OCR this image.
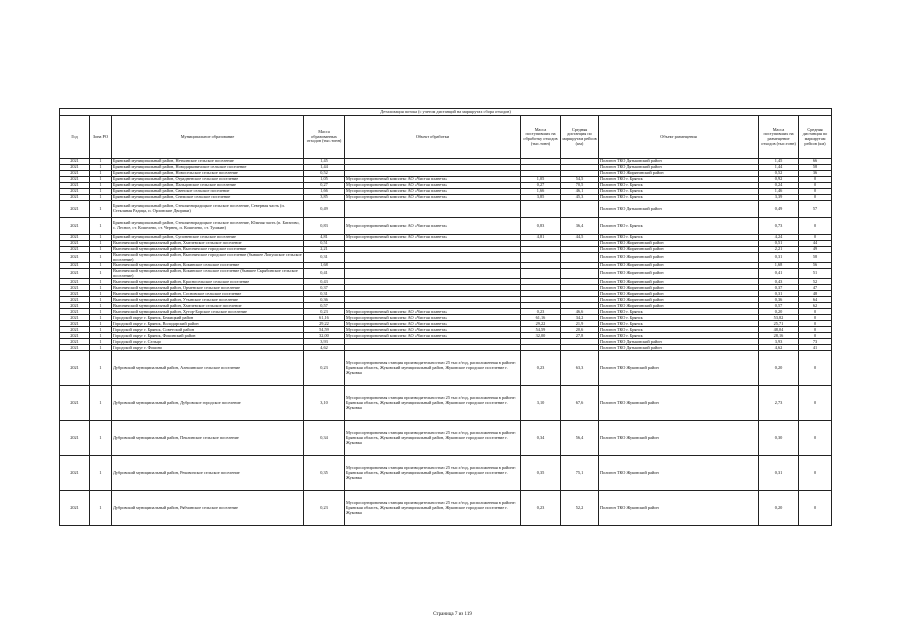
Детализация потока (с учетом дистанций на маршрутах сбора отходов)									
Год	Зона РО	Муниципальное образование	Масса образованных отходов (тыс.тонн)	Объект обработки	Масса поступивших на обработку отходов (тыс.тонн)	Средняя дистанция по маршрутам рейсов (км)	Объект размещения	Масса поступивших на размещение отходов (тыс.тонн)	Средняя дистанция по маршрутам рейсов (км)
2021	1	Брянский муниципальный район, Нетьинское сельское поселение	1,45				Полигон ТКО Дятьковский район	1,45	66
2021	1	Брянский муниципальный район, Новодарковичское сельское поселение	1,44				Полигон ТКО Дятьковский район	1,44	58
2021	1	Брянский муниципальный район, Новосельское сельское поселение	0,52				Полигон ТКО Жирятинский район	0,52	36
2021	1	Брянский муниципальный район, Отрадненское сельское поселение	1,05	Мусоросортировочный комплекс АО «Чистая планета»	1,05	54,5	Полигон ТКО г. Брянск	0,92	0
2021	1	Брянский муниципальный район, Пальцовское сельское поселение	0,27	Мусоросортировочный комплекс АО «Чистая планета»	0,27	70,5	Полигон ТКО г. Брянск	0,24	0
2021	1	Брянский муниципальный район, Свенское сельское поселение	1,66	Мусоросортировочный комплекс АО «Чистая планета»	1,66	46,1	Полигон ТКО г. Брянск	1,46	0
2021	1	Брянский муниципальный район, Снежское сельское поселение	3,85	Мусоросортировочный комплекс АО «Чистая планета»	3,85	45,3	Полигон ТКО г. Брянск	3,39	0
2021	1	Брянский муниципальный район, Стекляннорадицкое сельское поселение, Северная часть (п. Стекляная Радица, п. Орловские Дворики)	0,49				Полигон ТКО Дятьковский район	0,49	57
2021	1	Брянский муниципальный район, Стекляннорадицкое сельское поселение, Южная часть (п. Батагово, с. Лесное, ст. Кошелево, ст. Чернец, п. Кошелево, ст. Тушкин)	0,83	Мусоросортировочный комплекс АО «Чистая планета»	0,83	36,4	Полигон ТКО г. Брянск	0,73	0
2021	1	Брянский муниципальный район, Супоневское сельское поселение	4,81	Мусоросортировочный комплекс АО «Чистая планета»	4,81	44,5	Полигон ТКО г. Брянск	4,24	0
2021	1	Выгоничский муниципальный район, Хмелевское сельское поселение	0,51				Полигон ТКО Жирятинский район	0,51	44
2021	1	Выгоничский муниципальный район, Выгоничское городское поселение	2,21				Полигон ТКО Жирятинский район	2,21	49
2021	1	Выгоничский муниципальный район, Выгоничское городское поселение (бывшее Лопушское сельское поселение)	0,31				Полигон ТКО Жирятинский район	0,31	58
2021	1	Выгоничский муниципальный район, Кокинское сельское поселение	1,68				Полигон ТКО Жирятинский район	1,68	56
2021	1	Выгоничский муниципальный район, Кокинское сельское поселение (бывшее Скрябинское сельское поселение)	0,41				Полигон ТКО Жирятинский район	0,41	51
2021	1	Выгоничский муниципальный район, Красносельское сельское поселение	0,43				Полигон ТКО Жирятинский район	0,43	52
2021	1	Выгоничский муниципальный район, Орменское сельское поселение	0,37				Полигон ТКО Жирятинский район	0,37	47
2021	1	Выгоничский муниципальный район, Сосновское сельское поселение	0,31				Полигон ТКО Жирятинский район	0,31	48
2021	1	Выгоничский муниципальный район, Утынское сельское поселение	0,36				Полигон ТКО Жирятинский район	0,36	64
2021	1	Выгоничский муниципальный район, Хмелевское сельское поселение	0,57				Полигон ТКО Жирятинский район	0,57	62
2021	1	Выгоничский муниципальный район, Хутор-Борское сельское поселение	0,23	Мусоросортировочный комплекс АО «Чистая планета»	0,23	46,6	Полигон ТКО г. Брянск	0,20	0
2021	1	Городской округ г. Брянск, Бежицкий район	61,16	Мусоросортировочный комплекс АО «Чистая планета»	61,16	34,2	Полигон ТКО г. Брянск	53,82	0
2021	1	Городской округ г. Брянск, Володарский район	29,22	Мусоросортировочный комплекс АО «Чистая планета»	29,22	21,9	Полигон ТКО г. Брянск	25,71	0
2021	1	Городской округ г. Брянск, Советский район	54,59	Мусоросортировочный комплекс АО «Чистая планета»	54,59	20,6	Полигон ТКО г. Брянск	48,04	0
2021	1	Городской округ г. Брянск, Фокинский район	32,00	Мусоросортировочный комплекс АО «Чистая планета»	32,00	27,8	Полигон ТКО г. Брянск	28,16	0
2021	1	Городской округ г. Сельцо	3,93				Полигон ТКО Дятьковский район	3,93	73
2021	1	Городской округ г. Фокино	4,62				Полигон ТКО Дятьковский район	4,62	41
2021	1	Дубровский муниципальный район, Алешинское сельское поселение	0,23	Мусоросортировочная станция производительностью 25 тыс.т/год, расположенная в районе: Брянская область, Жуковский муниципальный район, Жуковское городское поселение г. Жуковка	0,23	63,3	Полигон ТКО Жуковский район	0,20	0
2021	1	Дубровский муниципальный район, Дубровское городское поселение	3,10	Мусоросортировочная станция производительностью 25 тыс.т/год, расположенная в районе: Брянская область, Жуковский муниципальный район, Жуковское городское поселение г. Жуковка	3,10	67,6	Полигон ТКО Жуковский район	2,73	0
2021	1	Дубровский муниципальный район, Пеклинское сельское поселение	0,34	Мусоросортировочная станция производительностью 25 тыс.т/год, расположенная в районе: Брянская область, Жуковский муниципальный район, Жуковское городское поселение г. Жуковка	0,34	56,4	Полигон ТКО Жуковский район	0,30	0
2021	1	Дубровский муниципальный район, Рековичское сельское поселение	0,35	Мусоросортировочная станция производительностью 25 тыс.т/год, расположенная в районе: Брянская область, Жуковский муниципальный район, Жуковское городское поселение г. Жуковка	0,35	75,1	Полигон ТКО Жуковский район	0,31	0
2021	1	Дубровский муниципальный район, Рябчинское сельское поселение	0,23	Мусоросортировочная станция производительностью 25 тыс.т/год, расположенная в районе: Брянская область, Жуковский муниципальный район, Жуковское городское поселение г. Жуковка	0,23	52,2	Полигон ТКО Жуковский район	0,20	0
Страница 7 из 119
